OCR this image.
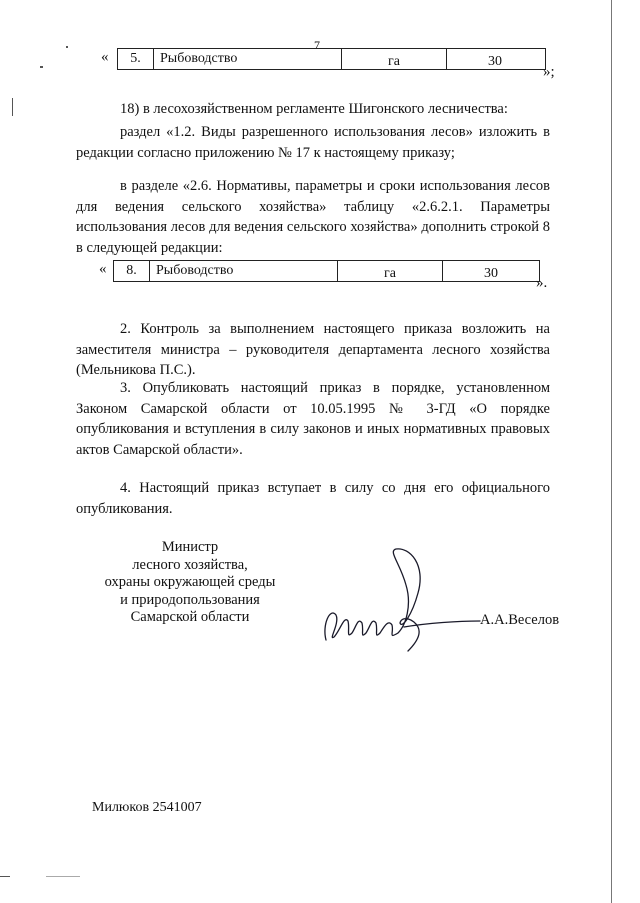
7
«	5.	Рыбоводство	га	30
»;

18) в лесохозяйственном регламенте Шигонского лесничества:

раздел «1.2. Виды разрешенного использования лесов» изложить в редакции согласно приложению № 17 к настоящему приказу;

в разделе «2.6. Нормативы, параметры и сроки использования лесов для ведения сельского хозяйства» таблицу «2.6.2.1. Параметры использования лесов для ведения сельского хозяйства» дополнить строкой 8 в следующей редакции:

«	8.	Рыбоводство	га	30
».

2. Контроль за выполнением настоящего приказа возложить на заместителя министра – руководителя департамента лесного хозяйства (Мельникова П.С.).

3. Опубликовать настоящий приказ в порядке, установленном Законом Самарской области от 10.05.1995 № 3-ГД «О порядке опубликования и вступления в силу законов и иных нормативных правовых актов Самарской области».

4. Настоящий приказ вступает в силу со дня его официального опубликования.

Министр
лесного хозяйства,
охраны окружающей среды
и природопользования
Самарской области	А.А.Веселов
Милюков 2541007
